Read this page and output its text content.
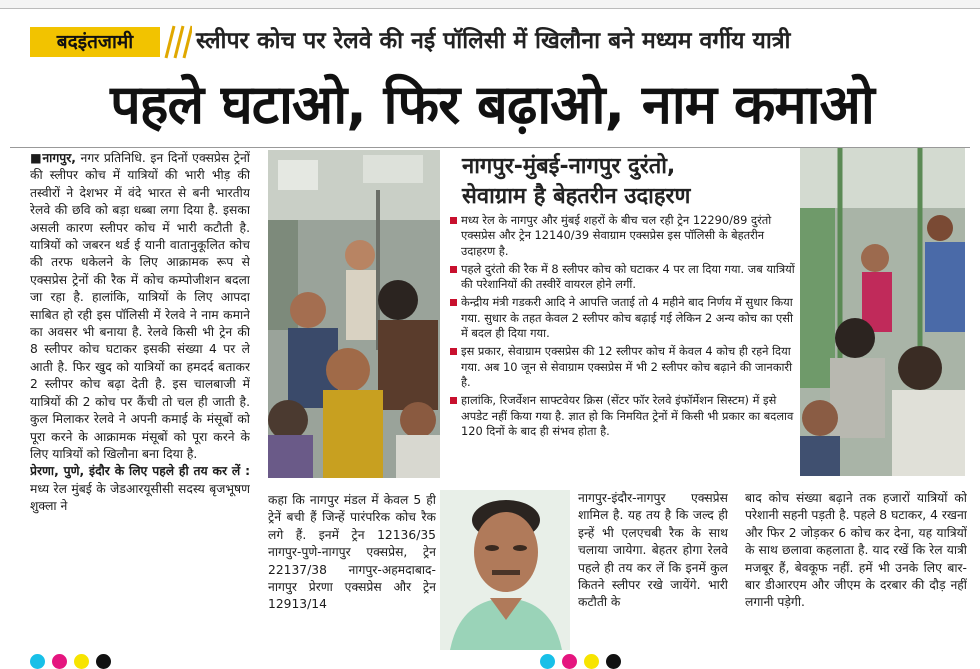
बदइंतजामी	स्लीपर कोच पर रेलवे की नई पॉलिसी में खिलौना बने मध्यम वर्गीय यात्री
पहले घटाओ, फिर बढ़ाओ, नाम कमाओ
■नागपुर, नगर प्रतिनिधि. इन दिनों एक्सप्रेस ट्रेनों की स्लीपर कोच में यात्रियों की भारी भीड़ की तस्वीरों ने देशभर में वंदे भारत से बनी भारतीय रेलवे की छवि को बड़ा धब्बा लगा दिया है. इसका असली कारण स्लीपर कोच में भारी कटौती है. यात्रियों को जबरन थर्ड ई यानी वातानुकूलित कोच की तरफ धकेलने के लिए आक्रामक रूप से एक्सप्रेस ट्रेनों की रैक में कोच कम्पोजीशन बदला जा रहा है. हालांकि, यात्रियों के लिए आपदा साबित हो रही इस पॉलिसी में रेलवे ने नाम कमाने का अवसर भी बनाया है. रेलवे किसी भी ट्रेन की 8 स्लीपर कोच घटाकर इसकी संख्या 4 पर ले आती है. फिर खुद को यात्रियों का हमदर्द बताकर 2 स्लीपर कोच बढ़ा देती है. इस चालबाजी में यात्रियों की 2 कोच पर कैंची तो चल ही जाती है. कुल मिलाकर रेलवे ने अपनी कमाई के मंसूबों को पूरा करने के आक्रामक मंसूबों को पूरा करने के लिए यात्रियों को खिलौना बना दिया है.
प्रेरणा, पुणे, इंदौर के लिए पहले ही तय कर लें : मध्य रेल मुंबई के जेडआरयूसीसी सदस्य बृजभूषण शुक्ला ने
नागपुर-मुंबई-नागपुर दुरंतो,
सेवाग्राम है बेहतरीन उदाहरण
मध्य रेल के नागपुर और मुंबई शहरों के बीच चल रही ट्रेन 12290/89 दुरंतो एक्सप्रेस और ट्रेन 12140/39 सेवाग्राम एक्सप्रेस इस पॉलिसी के बेहतरीन उदाहरण है.
पहले दुरंतो की रैक में 8 स्लीपर कोच को घटाकर 4 पर ला दिया गया. जब यात्रियों की परेशानियों की तस्वीरें वायरल होने लगीं.
केन्द्रीय मंत्री गडकरी आदि ने आपत्ति जताई तो 4 महीने बाद निर्णय में सुधार किया गया. सुधार के तहत केवल 2 स्लीपर कोच बढ़ाई गई लेकिन 2 अन्य कोच का एसी में बदल ही दिया गया.
इस प्रकार, सेवाग्राम एक्सप्रेस की 12 स्लीपर कोच में केवल 4 कोच ही रहने दिया गया. अब 10 जून से सेवाग्राम एक्सप्रेस में भी 2 स्लीपर कोच बढ़ाने की जानकारी है.
हालांकि, रिजर्वेशन साफ्टवेयर क्रिस (सेंटर फॉर रेलवे इंफॉर्मेशन सिस्टम) में इसे अपडेट नहीं किया गया है. ज्ञात हो कि निमयित ट्रेनों में किसी भी प्रकार का बदलाव 120 दिनों के बाद ही संभव होता है.
कहा कि नागपुर मंडल में केवल 5 ही ट्रेनें बची हैं जिन्हें पारंपरिक कोच रैक लगे हैं. इनमें ट्रेन 12136/35 नागपुर-पुणे-नागपुर एक्सप्रेस, ट्रेन 22137/38 नागपुर-अहमदाबाद-नागपुर प्रेरणा एक्सप्रेस और ट्रेन 12913/14
नागपुर-इंदौर-नागपुर एक्सप्रेस शामिल है. यह तय है कि जल्द ही इन्हें भी एलएचबी रैक के साथ चलाया जायेगा. बेहतर होगा रेलवे पहले ही तय कर लें कि इनमें कुल कितने स्लीपर रखे जायेंगे. भारी कटौती के
बाद कोच संख्या बढ़ाने तक हजारों यात्रियों को परेशानी सहनी पड़ती है. पहले 8 घटाकर, 4 रखना और फिर 2 जोड़कर 6 कोच कर देना, यह यात्रियों के साथ छलावा कहलाता है. याद रखें कि रेल यात्री मजबूर हैं, बेवकूफ नहीं. हमें भी उनके लिए बार-बार डीआरएम और जीएम के दरबार की दौड़ नहीं लगानी पड़ेगी.
